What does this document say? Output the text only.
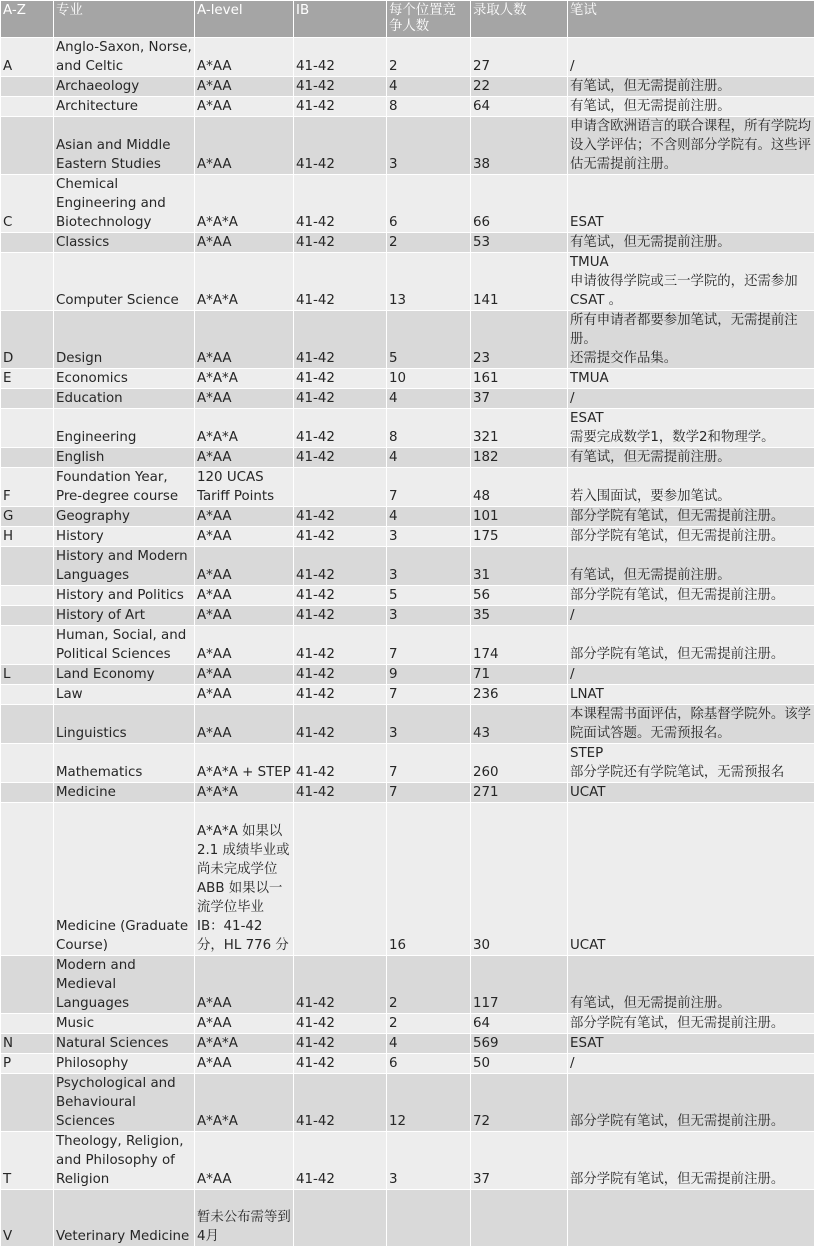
A-Z	专业	A-level	IB	每个位置竞争人数	录取人数	笔试
A	Anglo-Saxon, Norse, and Celtic	A*AA	41-42	2	27	/
	Archaeology	A*AA	41-42	4	22	有笔试，但无需提前注册。
	Architecture	A*AA	41-42	8	64	有笔试，但无需提前注册。
	Asian and Middle Eastern Studies	A*AA	41-42	3	38	申请含欧洲语言的联合课程，所有学院均设入学评估；不含则部分学院有。这些评估无需提前注册。
C	Chemical Engineering and Biotechnology	A*A*A	41-42	6	66	ESAT
	Classics	A*AA	41-42	2	53	有笔试，但无需提前注册。
	Computer Science	A*A*A	41-42	13	141	TMUA
申请彼得学院或三一学院的，还需参加 CSAT 。
D	Design	A*AA	41-42	5	23	所有申请者都要参加笔试，无需提前注册。
还需提交作品集。
E	Economics	A*A*A	41-42	10	161	TMUA
	Education	A*AA	41-42	4	37	/
	Engineering	A*A*A	41-42	8	321	ESAT
需要完成数学1，数学2和物理学。
	English	A*AA	41-42	4	182	有笔试，但无需提前注册。
F	Foundation Year, Pre-degree course	120 UCAS Tariff Points		7	48	若入围面试，要参加笔试。
G	Geography	A*AA	41-42	4	101	部分学院有笔试，但无需提前注册。
H	History	A*AA	41-42	3	175	部分学院有笔试，但无需提前注册。
	History and Modern Languages	A*AA	41-42	3	31	有笔试，但无需提前注册。
	History and Politics	A*AA	41-42	5	56	部分学院有笔试，但无需提前注册。
	History of Art	A*AA	41-42	3	35	/
	Human, Social, and Political Sciences	A*AA	41-42	7	174	部分学院有笔试，但无需提前注册。
L	Land Economy	A*AA	41-42	9	71	/
	Law	A*AA	41-42	7	236	LNAT
	Linguistics	A*AA	41-42	3	43	本课程需书面评估，除基督学院外。该学院面试答题。无需预报名。
	Mathematics	A*A*A + STEP	41-42	7	260	STEP
部分学院还有学院笔试，无需预报名
	Medicine	A*A*A	41-42	7	271	UCAT
	Medicine (Graduate Course)	A*A*A 如果以 2.1 成绩毕业或尚未完成学位
ABB 如果以一流学位毕业
IB：41-42 分，HL 776 分		16	30	UCAT
	Modern and Medieval Languages	A*AA	41-42	2	117	有笔试，但无需提前注册。
	Music	A*AA	41-42	2	64	部分学院有笔试，但无需提前注册。
N	Natural Sciences	A*A*A	41-42	4	569	ESAT
P	Philosophy	A*AA	41-42	6	50	/
	Psychological and Behavioural Sciences	A*A*A	41-42	12	72	部分学院有笔试，但无需提前注册。
T	Theology, Religion, and Philosophy of Religion	A*AA	41-42	3	37	部分学院有笔试，但无需提前注册。
V	Veterinary Medicine	暂未公布需等到4月				
